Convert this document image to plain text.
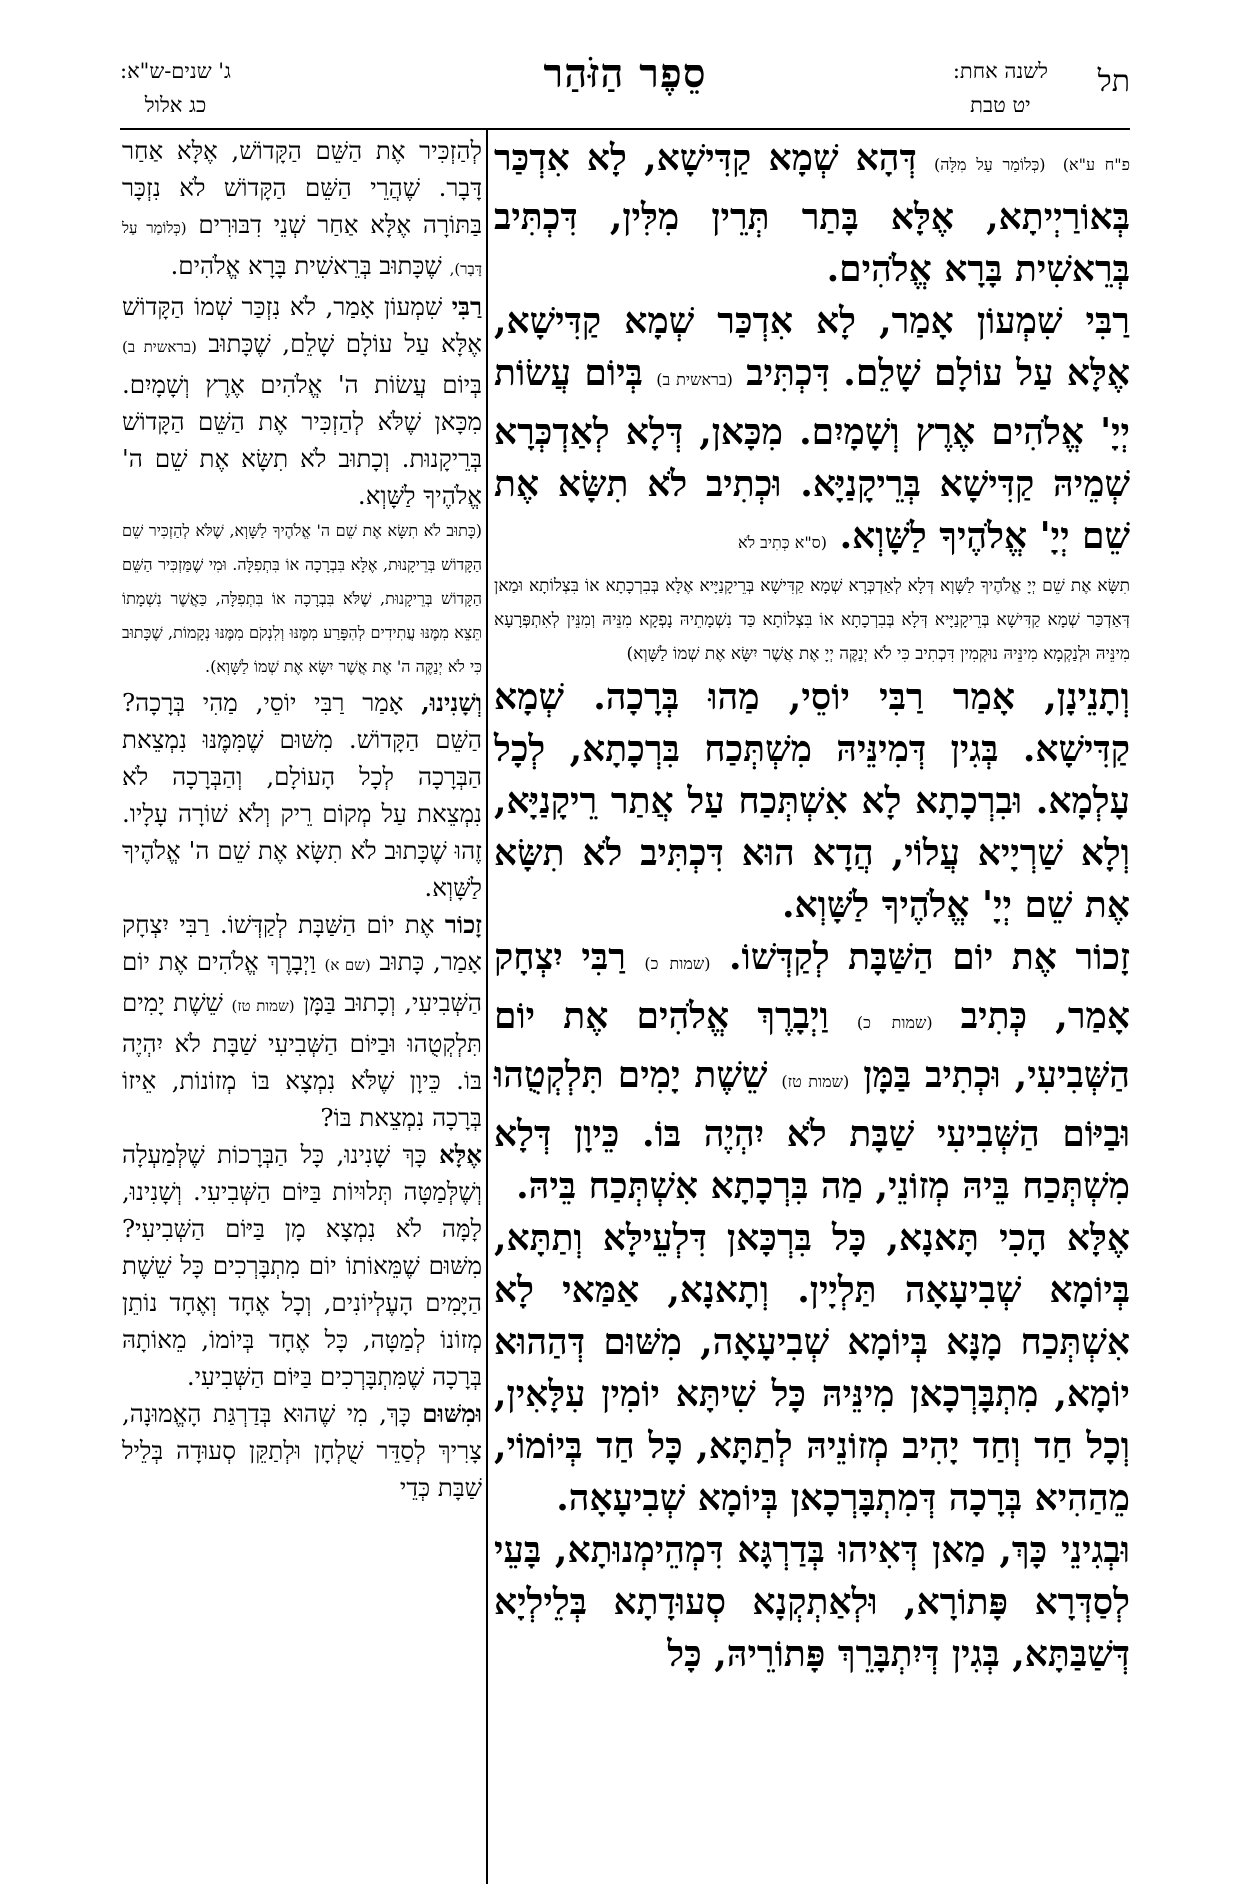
תל
לשנה אחת:
יט טבת
סֵפֶר הַזֹּהַר
ג' שנים-ש"א:
כג אלול

פ"ח ע"א) (כְּלוֹמַר עַל מִלָּה) דְּהָא שְׁמָא קַדִּישָׁא, לָא אִדְכַּר בְּאוֹרַיְיתָא, אֶלָּא בָּתַר תְּרֵין מִלִּין, דִּכְתִּיב בְּרֵאשִׁית בָּרָא אֱלֹהִים.

רַבִּי שִׁמְעוֹן אָמַר, לָא אִדְכַּר שְׁמָא קַדִּישָׁא, אֶלָּא עַל עוֹלָם שָׁלֵם. דִּכְתִּיב (בראשית ב) בְּיוֹם עֲשׂוֹת יְיָ' אֱלֹהִים אֶרֶץ וְשָׁמָיִם. מִכָּאן, דְּלָא לְאַדְכְּרָא שְׁמֵיהּ קַדִּישָׁא בְּרֵיקָנַיָּא. וּכְתִיב לֹא תִשָּׂא אֶת שֵׁם יְיָ' אֱלֹהֶיךָ לַשָּׁוְא. (ס"א כְּתִיב לֹא

תִשָּׂא אֶת שֵׁם יְיָ אֱלֹהֶיךָ לַשָּׁוְא דְּלָא לְאַדְכְּרָא שְׁמָא קַדִּישָׁא בְּרֵיקָנַיָּיא אֶלָּא בְּבִרְכָתָא אוֹ בִּצְלוֹתָא וּמַאן דְּאַדְכַּר שְׁמָא קַדִּישָׁא בְּרֵיקָנַיָּיא דְּלָא בְּבִרְכָתָא אוֹ בִּצְלוֹתָא כַּד נִשְׁמָתֵיהּ נָפְקָא מִנֵּיהּ וְמִנֵּין לְאִתְפְּרָעָא מִינֵּיהּ וּלְנַקְמָא מִינֵּיהּ נוּקְמִין דִּכְתִיב כִּי לֹא יְנַקֶּה יְיָ אֶת אֲשֶׁר יִשָּׂא אֶת שְׁמוֹ לַשָּׁוְא)

וְתָנֵינָן, אָמַר רַבִּי יוֹסֵי, מַהוּ בְּרָכָה. שְׁמָא קַדִּישָׁא. בְּגִין דְּמִינֵּיהּ מִשְׁתְּכַח בִּרְכָתָא, לְכָל עָלְמָא. וּבִרְכָתָא לָא אִשְׁתְּכַח עַל אֲתַר רֵיקָנַיָּא, וְלָא שַׁרְיָיא עֲלוֹי, הֲדָא הוּא דִּכְתִּיב לֹא תִשָּׂא אֶת שֵׁם יְיָ' אֱלֹהֶיךָ לַשָּׁוְא.

זָכוֹר אֶת יוֹם הַשַּׁבָּת לְקַדְּשׁוֹ. (שמות כ) רַבִּי יִצְחָק אָמַר, כְּתִיב (שמות כ) וַיְבָרֶךְ אֱלֹהִים אֶת יוֹם הַשְּׁבִיעִי, וּכְתִיב בַּמָּן (שמות טז) שֵׁשֶׁת יָמִים תִּלְקְטֻהוּ וּבַיּוֹם הַשְּׁבִיעִי שַׁבָּת לֹא יִהְיֶה בּוֹ. כֵּיוָן דְּלָא מִשְׁתְּכַח בֵּיהּ מְזוֹנֵי, מַה בִּרְכָתָא אִשְׁתְּכַח בֵּיהּ.

אֶלָּא הָכִי תָּאנָא, כָּל בִּרְכָּאן דִּלְעֵילָּא וְתַתָּא, בְּיוֹמָא שְׁבִיעָאָה תַּלְיָין. וְתָאנָא, אַמַּאי לָא אִשְׁתְּכַח מָנָּא בְּיוֹמָא שְׁבִיעָאָה, מִשּׁוּם דְּהַהוּא יוֹמָא, מִתְבָּרְכָאן מִינֵּיהּ כָּל שִׁיתָּא יוֹמִין עִלָּאִין, וְכָל חַד וְחַד יָהִיב מְזוֹנֵיהּ לְתַתָּא, כָּל חַד בְּיוֹמוֹי, מֵהַהִיא בְּרָכָה דְּמִתְבָּרְכָאן בְּיוֹמָא שְׁבִיעָאָה.

וּבְגִינֵי כָּךְ, מַאן דְּאִיהוּ בְּדַרְגָּא דִּמְהֵימְנוּתָא, בָּעֵי לְסַדְּרָא פָּתוֹרָא, וּלְאַתְקְנָא סְעוּדָתָא בְּלֵילְיָא דְּשַׁבַּתָּא, בְּגִין דְּיִתְבָּרֵךְ פָּתוֹרֵיהּ, כָּל

לְהַזְכִּיר אֶת הַשֵּׁם הַקָּדוֹשׁ, אֶלָּא אַחַר דָּבָר. שֶׁהֲרֵי הַשֵּׁם הַקָּדוֹשׁ לֹא נִזְכָּר בַּתּוֹרָה אֶלָּא אַחַר שְׁנֵי דִבּוּרִים (כְּלוֹמַר עַל דָּבָר), שֶׁכָּתוּב בְּרֵאשִׁית בָּרָא אֱלֹהִים.

רַבִּי שִׁמְעוֹן אָמַר, לֹא נִזְכַּר שְׁמוֹ הַקָּדוֹשׁ אֶלָּא עַל עוֹלָם שָׁלֵם, שֶׁכָּתוּב (בראשית ב) בְּיוֹם עֲשׂוֹת ה' אֱלֹהִים אֶרֶץ וְשָׁמָיִם. מִכָּאן שֶׁלֹּא לְהַזְכִּיר אֶת הַשֵּׁם הַקָּדוֹשׁ בְּרֵיקָנוּת. וְכָתוּב לֹא תִשָּׂא אֶת שֵׁם ה' אֱלֹהֶיךָ לַשָּׁוְא.

(כָּתוּב לֹא תִשָּׂא אֶת שֵׁם ה' אֱלֹהֶיךָ לַשָּׁוְא, שֶׁלֹּא לְהַזְכִּיר שֵׁם הַקָּדוֹשׁ בְּרֵיקָנוּת, אֶלָּא בִּבְרָכָה אוֹ בִּתְפִלָּה. וּמִי שֶׁמַּזְכִּיר הַשֵּׁם הַקָּדוֹשׁ בְּרֵיקָנוּת, שֶׁלֹּא בִּבְרָכָה אוֹ בִּתְפִלָּה, כַּאֲשֶׁר נִשְׁמָתוֹ תֵּצֵא מִמֶּנּוּ עֲתִידִים לְהִפָּרַע מִמֶּנּוּ וְלִנְקֹם מִמֶּנּוּ נְקָמוֹת, שֶׁכָּתוּב כִּי לֹא יְנַקֶּה ה' אֶת אֲשֶׁר יִשָּׂא אֶת שְׁמוֹ לַשָּׁוְא).

וְשָׁנִינוּ, אָמַר רַבִּי יוֹסֵי, מַהִי בְּרָכָה? הַשֵּׁם הַקָּדוֹשׁ. מִשּׁוּם שֶׁמִּמֶּנּוּ נִמְצֵאת הַבְּרָכָה לְכָל הָעוֹלָם, וְהַבְּרָכָה לֹא נִמְצֵאת עַל מְקוֹם רֵיק וְלֹא שׁוֹרָה עָלָיו. זֶהוּ שֶׁכָּתוּב לֹא תִשָּׂא אֶת שֵׁם ה' אֱלֹהֶיךָ לַשָּׁוְא.

זָכוֹר אֶת יוֹם הַשַּׁבָּת לְקַדְּשׁוֹ. רַבִּי יִצְחָק אָמַר, כָּתוּב (שם א) וַיְבָרֶךְ אֱלֹהִים אֶת יוֹם הַשְּׁבִיעִי, וְכָתוּב בַּמָּן (שמות טז) שֵׁשֶׁת יָמִים תִּלְקְטֻהוּ וּבַיּוֹם הַשְּׁבִיעִי שַׁבָּת לֹא יִהְיֶה בּוֹ. כֵּיוָן שֶׁלֹּא נִמְצָא בּוֹ מְזוֹנוֹת, אֵיזוֹ בְּרָכָה נִמְצֵאת בּוֹ?

אֶלָּא כָּךְ שָׁנִינוּ, כָּל הַבְּרָכוֹת שֶׁלְּמַעְלָה וְשֶׁלְּמַטָּה תְּלוּיוֹת בַּיּוֹם הַשְּׁבִיעִי. וְשָׁנִינוּ, לָמָּה לֹא נִמְצָא מָן בַּיּוֹם הַשְּׁבִיעִי? מִשּׁוּם שֶׁמֵּאוֹתוֹ יוֹם מִתְבָּרְכִים כָּל שֵׁשֶׁת הַיָּמִים הָעֶלְיוֹנִים, וְכָל אֶחָד וְאֶחָד נוֹתֵן מְזוֹנוֹ לְמַטָּה, כָּל אֶחָד בְּיוֹמוֹ, מֵאוֹתָהּ בְּרָכָה שֶׁמִּתְבָּרְכִים בַּיּוֹם הַשְּׁבִיעִי.

וּמִשּׁוּם כָּךְ, מִי שֶׁהוּא בְּדַרְגַּת הָאֱמוּנָה, צָרִיךְ לְסַדֵּר שֻׁלְחָן וּלְתַקֵּן סְעוּדָה בְּלֵיל שַׁבָּת כְּדֵי
